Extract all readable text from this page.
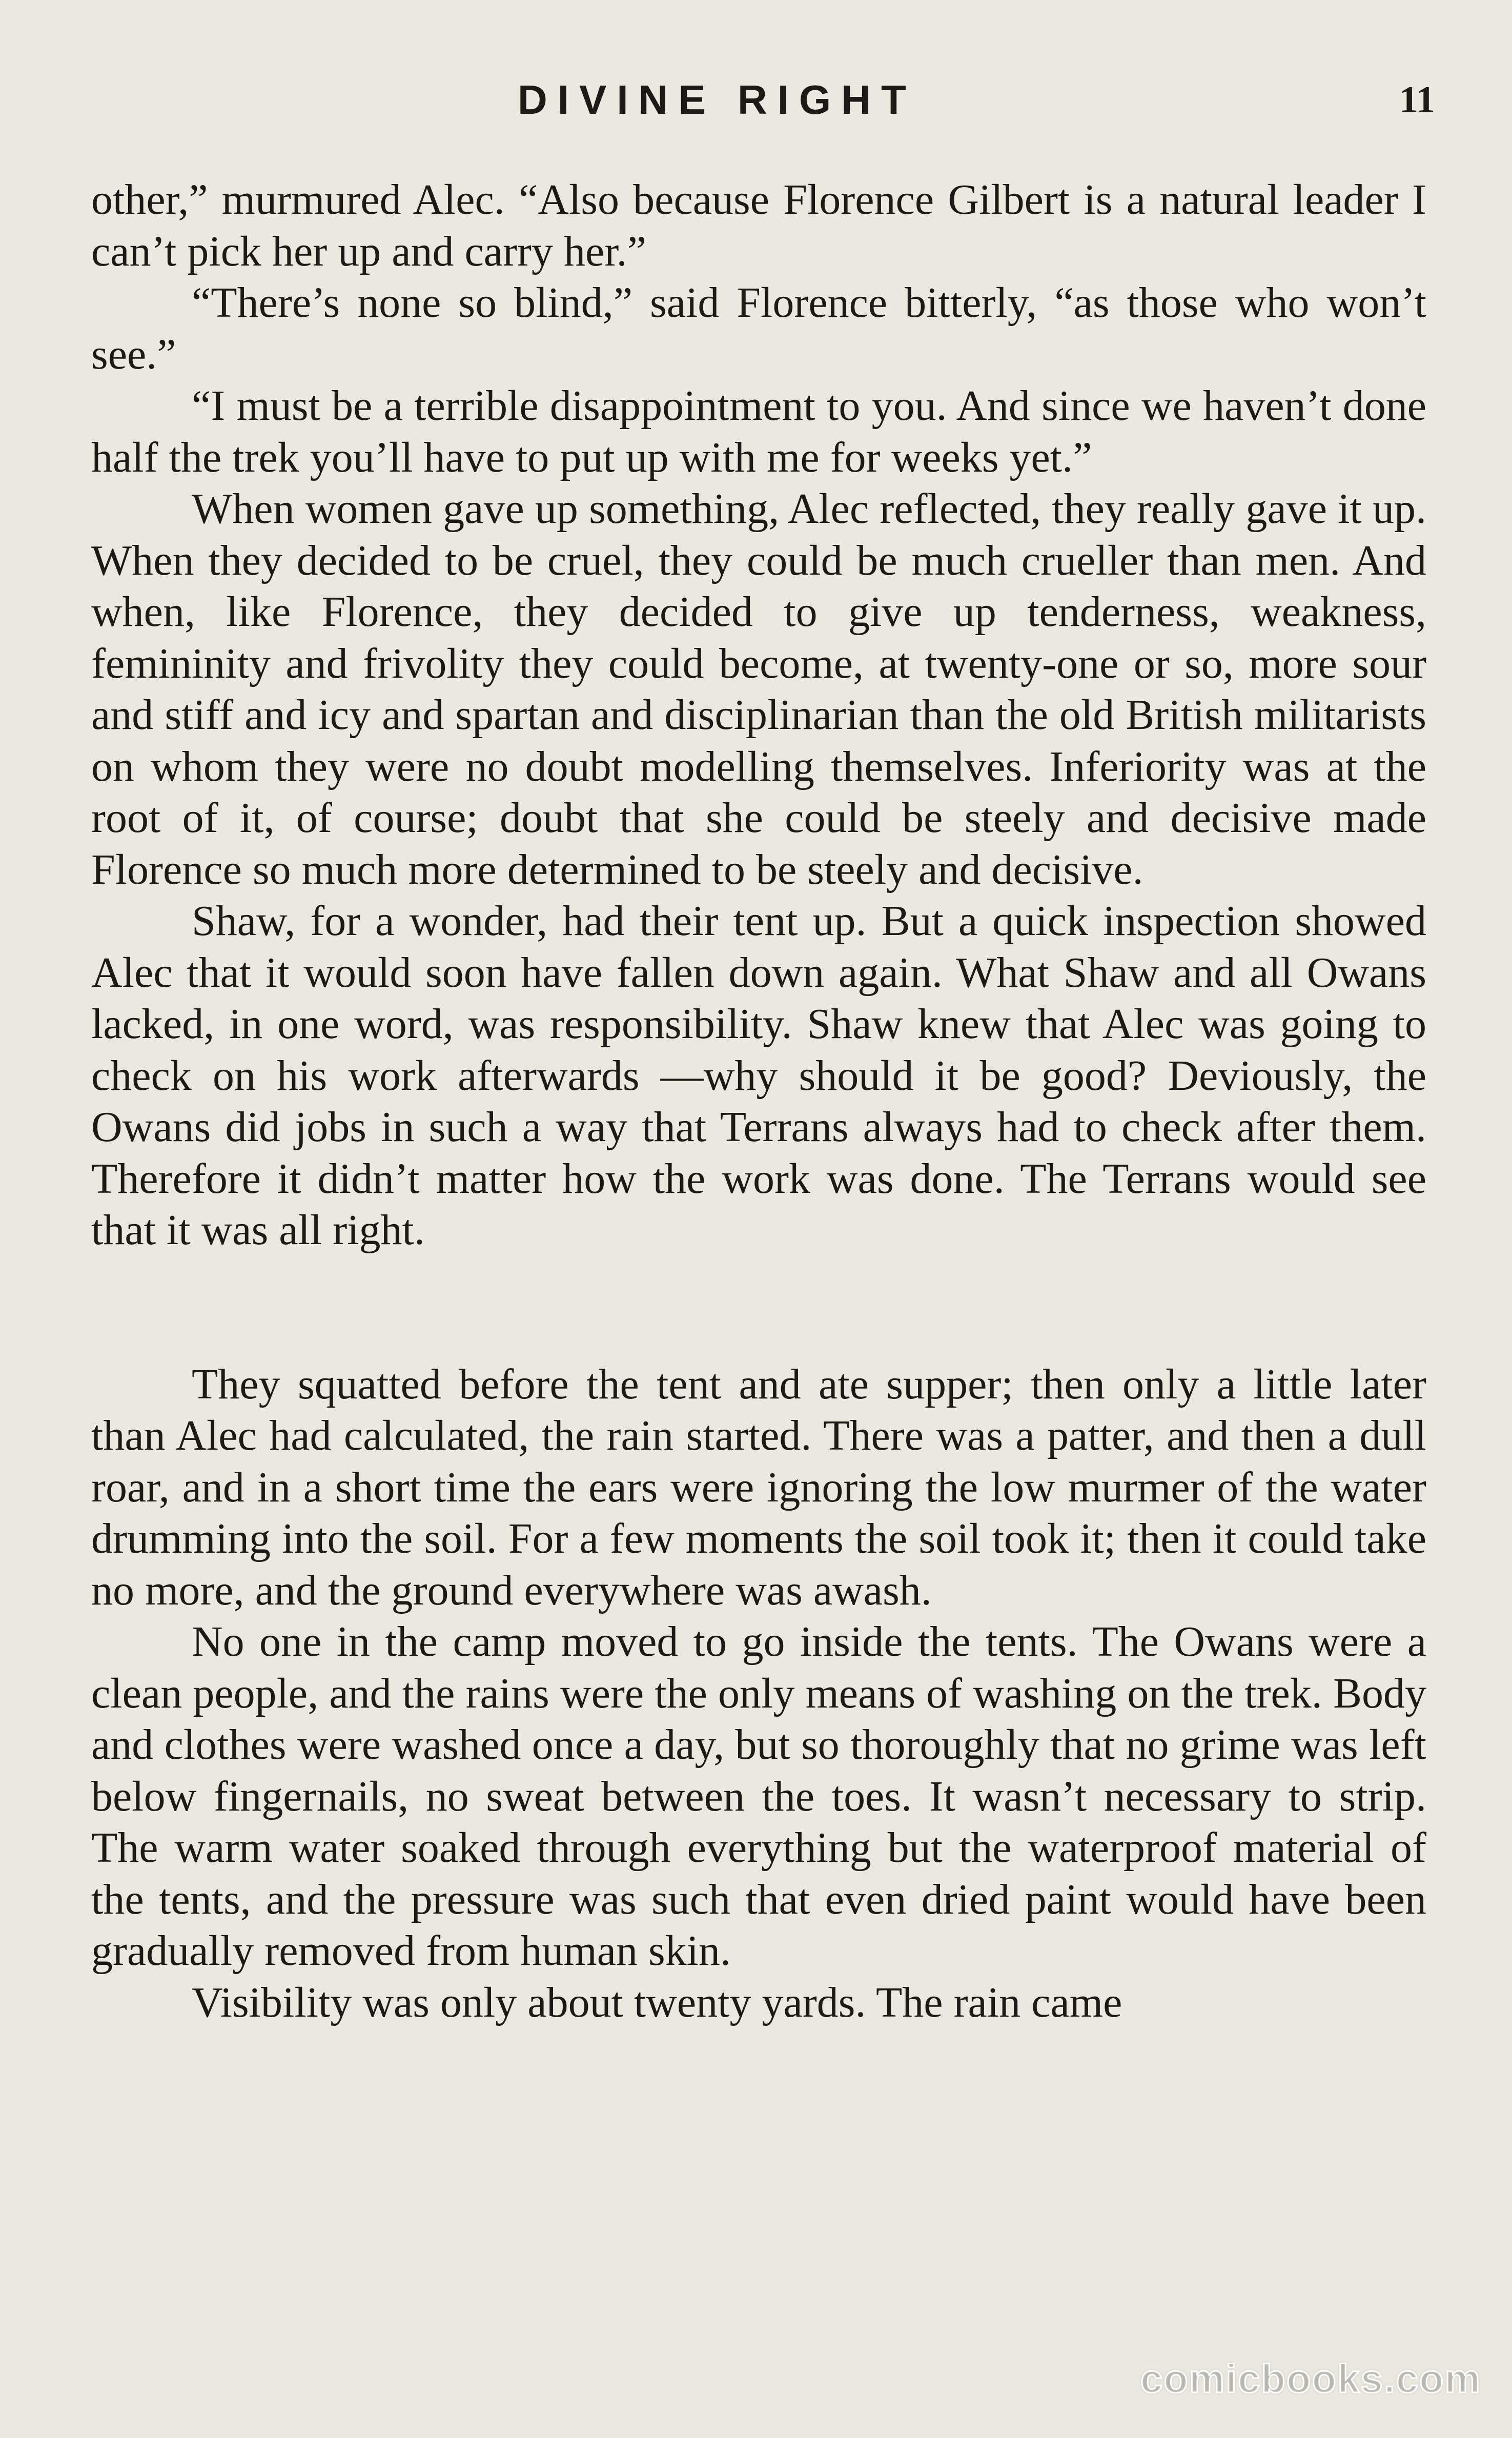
DIVINE RIGHT	11

other,” murmured Alec. “Also because Florence Gilbert is a natural leader I can’t pick her up and carry her.”

“There’s none so blind,” said Florence bitterly, “as those who won’t see.”

“I must be a terrible disappointment to you. And since we haven’t done half the trek you’ll have to put up with me for weeks yet.”

When women gave up something, Alec reflected, they really gave it up. When they decided to be cruel, they could be much crueller than men. And when, like Florence, they decided to give up tenderness, weakness, femininity and frivolity they could become, at twenty-one or so, more sour and stiff and icy and spartan and disciplinarian than the old British militarists on whom they were no doubt modelling themselves. Inferiority was at the root of it, of course; doubt that she could be steely and decisive made Florence so much more determined to be steely and decisive.

Shaw, for a wonder, had their tent up. But a quick inspection showed Alec that it would soon have fallen down again. What Shaw and all Owans lacked, in one word, was responsibility. Shaw knew that Alec was going to check on his work afterwards —why should it be good? Deviously, the Owans did jobs in such a way that Terrans always had to check after them. Therefore it didn’t matter how the work was done. The Terrans would see that it was all right.

They squatted before the tent and ate supper; then only a little later than Alec had calculated, the rain started. There was a patter, and then a dull roar, and in a short time the ears were ignoring the low murmer of the water drumming into the soil. For a few moments the soil took it; then it could take no more, and the ground everywhere was awash.

No one in the camp moved to go inside the tents. The Owans were a clean people, and the rains were the only means of washing on the trek. Body and clothes were washed once a day, but so thoroughly that no grime was left below fingernails, no sweat between the toes. It wasn’t necessary to strip. The warm water soaked through everything but the waterproof material of the tents, and the pressure was such that even dried paint would have been gradually removed from human skin.

Visibility was only about twenty yards. The rain came

comicbooks.com
